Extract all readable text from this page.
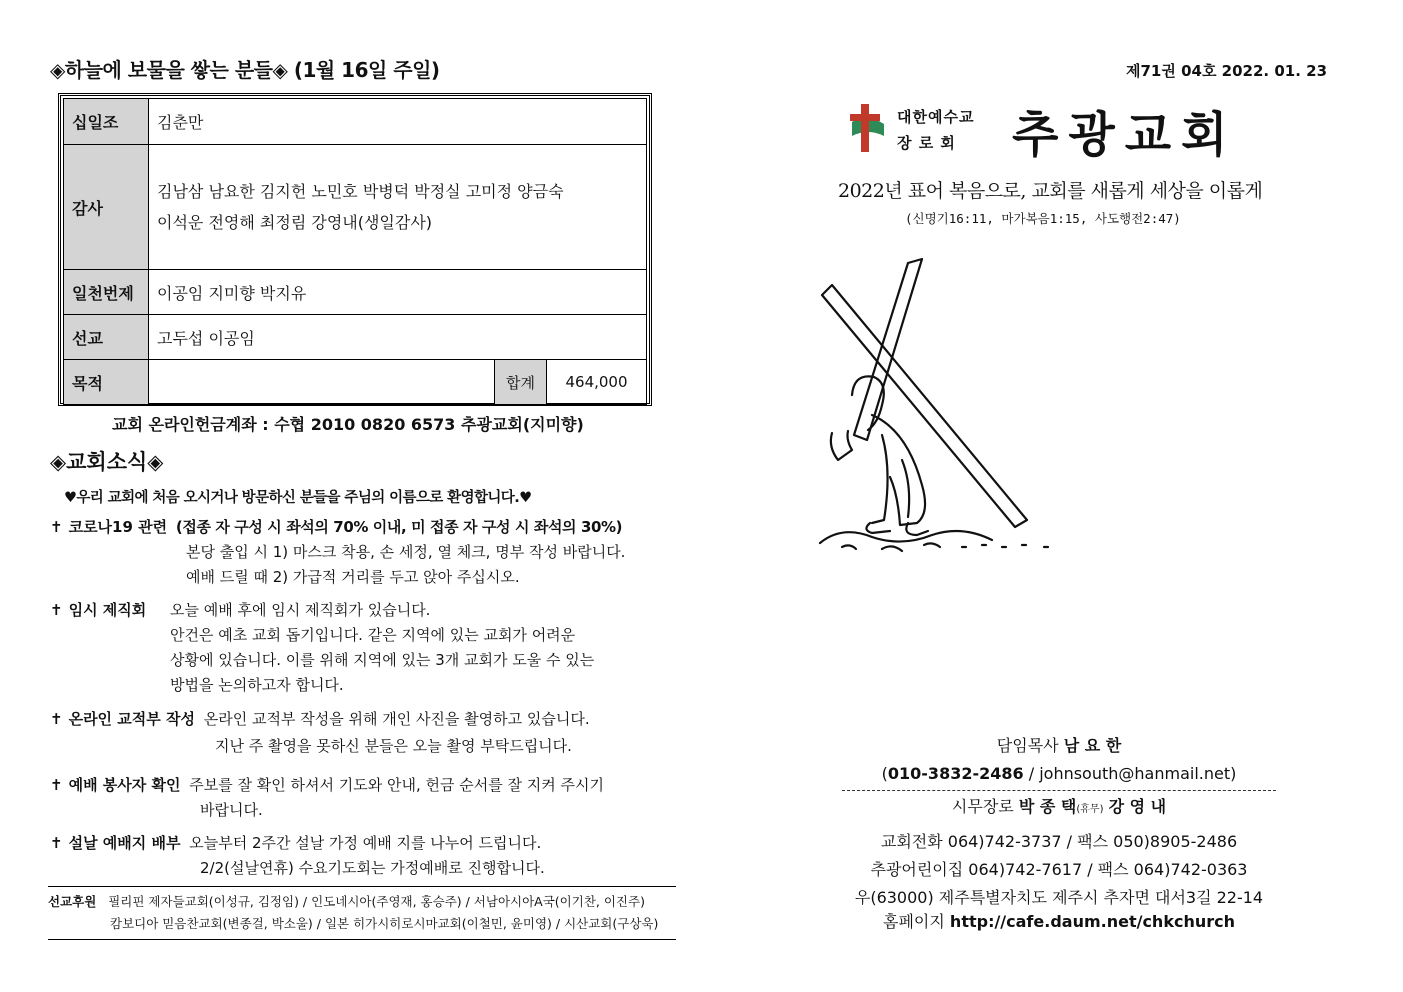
◈하늘에 보물을 쌓는 분들◈ (1월 16일 주일)
십일조	김춘만		
감사	김남삼 남요한 김지헌 노민호 박병덕 박정실 고미정 양금숙
이석운 전영해 최정림 강영내(생일감사)		

일천번제	이공임 지미향 박지유		
선교	고두섭 이공임		
목적		합계	464,000
교회 온라인헌금계좌 : 수협 2010 0820 6573 추광교회(지미향)
◈교회소식◈
♥우리 교회에 처음 오시거나 방문하신 분들을 주님의 이름으로 환영합니다.♥
✝ 코로나19 관련 (접종 자 구성 시 좌석의 70% 이내, 미 접종 자 구성 시 좌석의 30%)
본당 출입 시 1) 마스크 착용, 손 세정, 열 체크, 명부 작성 바랍니다.
예배 드릴 때 2) 가급적 거리를 두고 앉아 주십시오.
✝ 임시 제직회 오늘 예배 후에 임시 제직회가 있습니다.
안건은 예초 교회 돕기입니다. 같은 지역에 있는 교회가 어려운
상황에 있습니다. 이를 위해 지역에 있는 3개 교회가 도울 수 있는
방법을 논의하고자 합니다.
✝ 온라인 교적부 작성 온라인 교적부 작성을 위해 개인 사진을 촬영하고 있습니다.
지난 주 촬영을 못하신 분들은 오늘 촬영 부탁드립니다.
✝ 예배 봉사자 확인 주보를 잘 확인 하셔서 기도와 안내, 헌금 순서를 잘 지켜 주시기
바랍니다.
✝ 설날 예배지 배부 오늘부터 2주간 설날 가정 예배 지를 나누어 드립니다.
2/2(설날연휴) 수요기도회는 가정예배로 진행합니다.
선교후원 필리핀 제자들교회(이성규, 김정임) / 인도네시아(주영재, 홍승주) / 서남아시아A국(이기찬, 이진주)
캄보디아 믿음찬교회(변종걸, 박소울) / 일본 히가시히로시마교회(이철민, 윤미영) / 시산교회(구상욱)
제71권 04호 2022. 01. 23
대한예수교
장 로 회	추광교회
2022년 표어 복음으로, 교회를 새롭게 세상을 이롭게
(신명기16:11, 마가복음1:15, 사도행전2:47)
담임목사 남 요 한
(010-3832-2486 / johnsouth@hanmail.net)
시무장로 박 종 택(휴무) 강 영 내
교회전화 064)742-3737 / 팩스 050)8905-2486
추광어린이집 064)742-7617 / 팩스 064)742-0363
우(63000) 제주특별자치도 제주시 추자면 대서3길 22-14
홈페이지 http://cafe.daum.net/chkchurch
